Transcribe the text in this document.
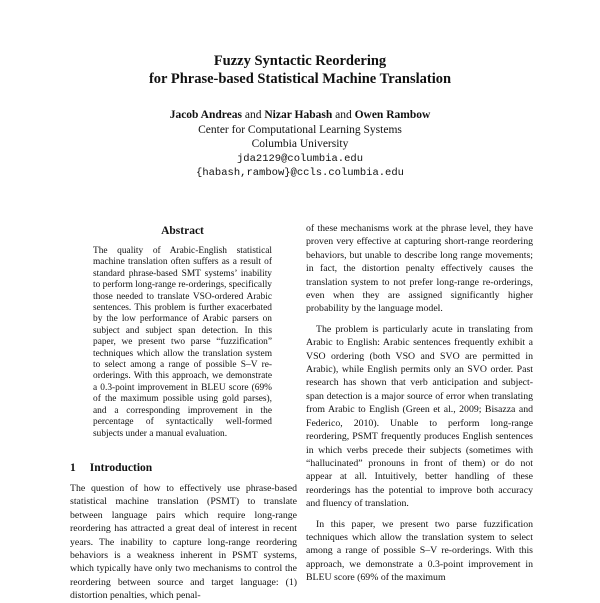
Fuzzy Syntactic Reordering
for Phrase-based Statistical Machine Translation
Jacob Andreas and Nizar Habash and Owen Rambow
Center for Computational Learning Systems
Columbia University
jda2129@columbia.edu
{habash,rambow}@ccls.columbia.edu
Abstract

The quality of Arabic-English statistical machine translation often suffers as a result of standard phrase-based SMT systems’ inability to perform long-range re-orderings, specifically those needed to translate VSO-ordered Arabic sentences. This problem is further exacerbated by the low performance of Arabic parsers on subject and subject span detection. In this paper, we present two parse “fuzzification” techniques which allow the translation system to select among a range of possible S–V re-orderings. With this approach, we demonstrate a 0.3-point improvement in BLEU score (69% of the maximum possible using gold parses), and a corresponding improvement in the percentage of syntactically well-formed subjects under a manual evaluation.

1 Introduction

The question of how to effectively use phrase-based statistical machine translation (PSMT) to translate between language pairs which require long-range reordering has attracted a great deal of interest in recent years. The inability to capture long-range reordering behaviors is a weakness inherent in PSMT systems, which typically have only two mechanisms to control the reordering between source and target language: (1) distortion penalties, which penal-

of these mechanisms work at the phrase level, they have proven very effective at capturing short-range reordering behaviors, but unable to describe long range movements; in fact, the distortion penalty effectively causes the translation system to not prefer long-range re-orderings, even when they are assigned significantly higher probability by the language model.

The problem is particularly acute in translating from Arabic to English: Arabic sentences frequently exhibit a VSO ordering (both VSO and SVO are permitted in Arabic), while English permits only an SVO order. Past research has shown that verb anticipation and subject-span detection is a major source of error when translating from Arabic to English (Green et al., 2009; Bisazza and Federico, 2010). Unable to perform long-range reordering, PSMT frequently produces English sentences in which verbs precede their subjects (sometimes with “hallucinated” pronouns in front of them) or do not appear at all. Intuitively, better handling of these reorderings has the potential to improve both accuracy and fluency of translation.

In this paper, we present two parse fuzzification techniques which allow the translation system to select among a range of possible S–V re-orderings. With this approach, we demonstrate a 0.3-point improvement in BLEU score (69% of the maximum
